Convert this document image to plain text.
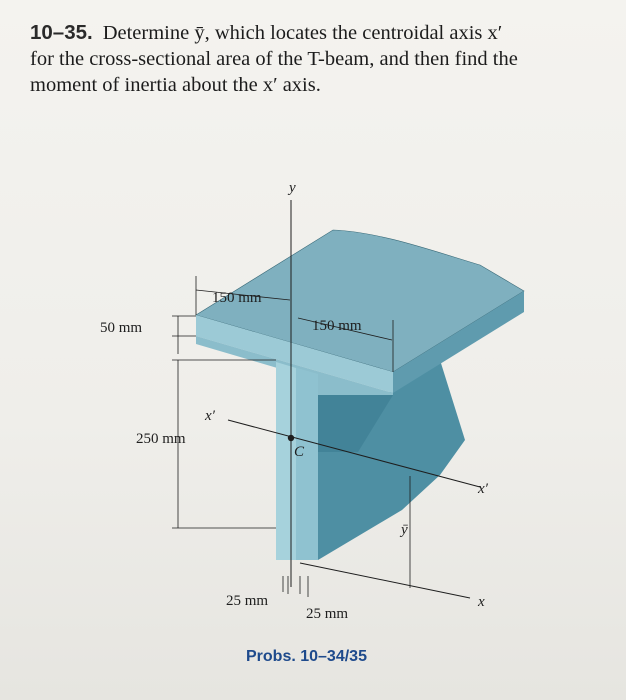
10–35. Determine ȳ, which locates the centroidal axis x′
for the cross-sectional area of the T-beam, and then find the
moment of inertia about the x′ axis.
y
x′
x′
x
C
150 mm
150 mm
50 mm
250 mm
ȳ
25 mm
25 mm
Probs. 10–34/35
